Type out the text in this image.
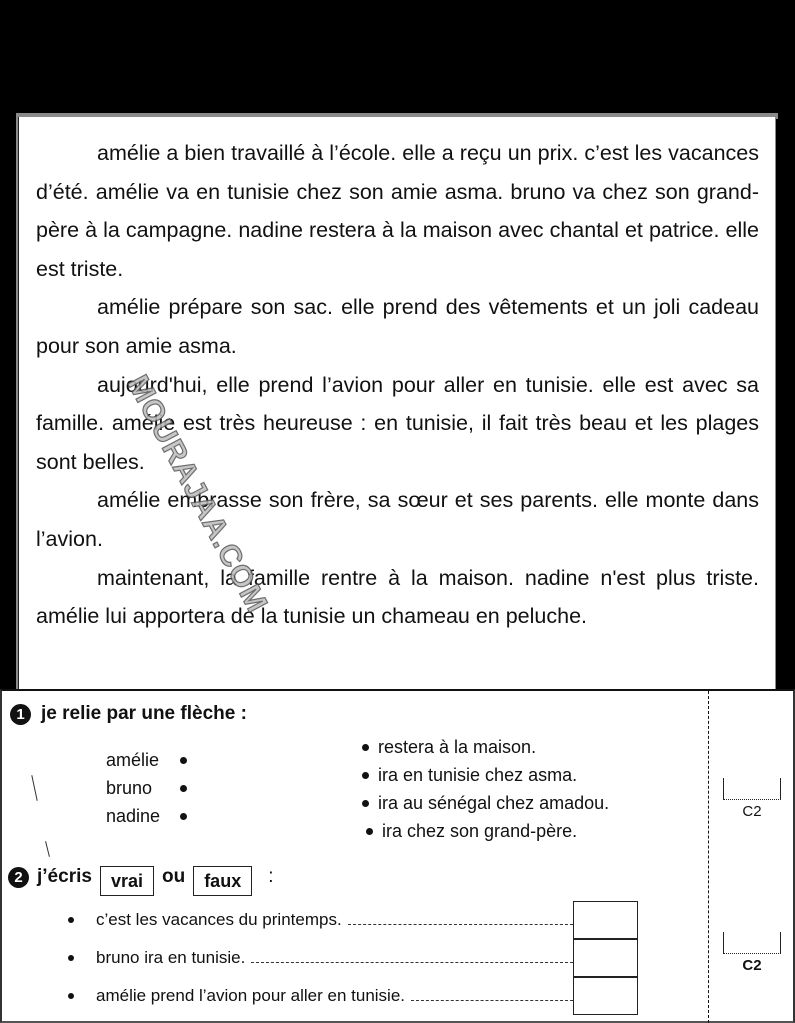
amélie a bien travaillé à l’école. elle a reçu un prix. c’est les vacances d’été. amélie va en tunisie chez son amie asma. bruno va chez son grand-père à la campagne. nadine restera à la maison avec chantal et patrice. elle est triste.

amélie prépare son sac. elle prend des vêtements et un joli cadeau pour son amie asma.

aujourd'hui, elle prend l’avion pour aller en tunisie. elle est avec sa famille. amélie est très heureuse : en tunisie, il fait très beau et les plages sont belles.

amélie embrasse son frère, sa sœur et ses parents. elle monte dans l’avion.

maintenant, la famille rentre à la maison. nadine n'est plus triste. amélie lui apportera de la tunisie un chameau en peluche.

MOURAJAA.COM
1 je relie par une flèche :
amélie
bruno
nadine
restera à la maison.
ira en tunisie chez asma.
ira au sénégal chez amadou.
ira chez son grand-père.
C2
2 j’écris	vrai	ou	faux	:
c’est les vacances du printemps.
bruno ira en tunisie.
amélie prend l’avion pour aller en tunisie.
C2
